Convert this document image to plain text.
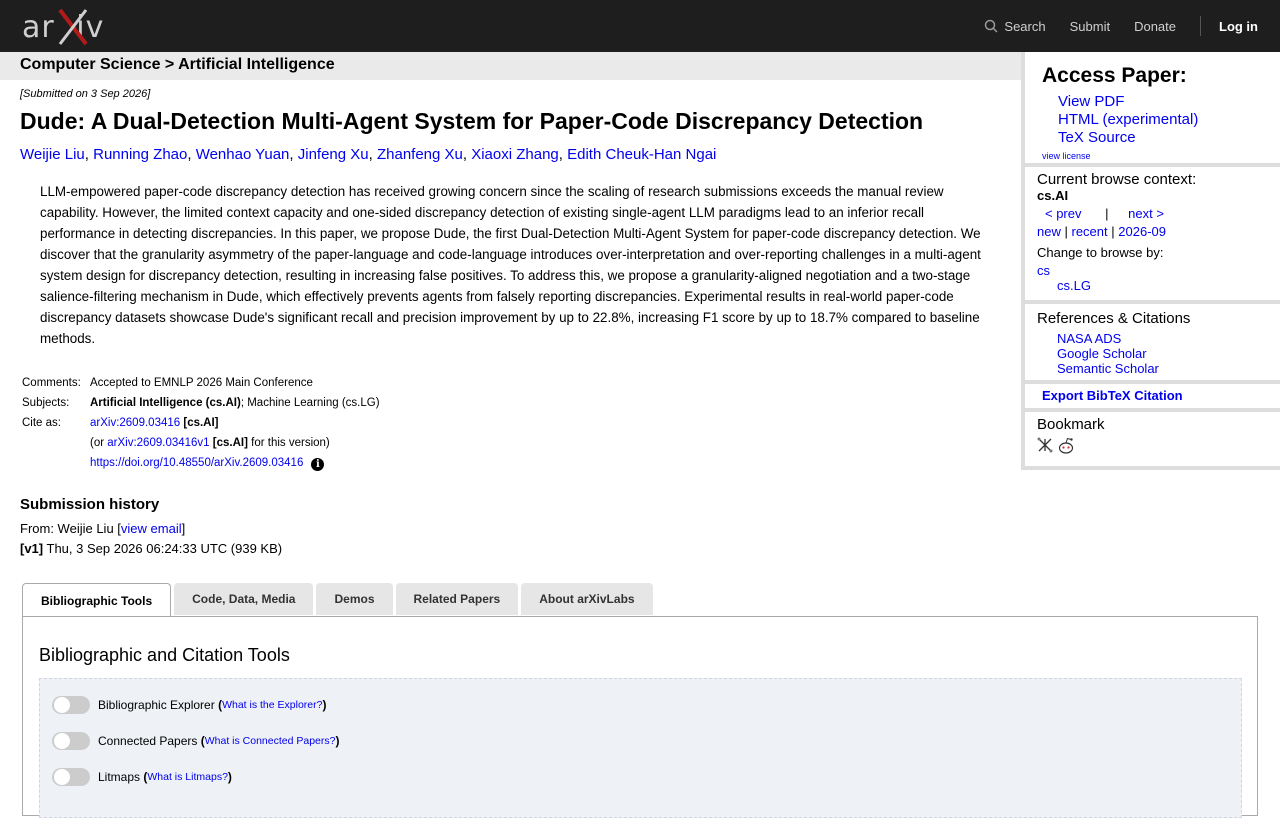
ar iv	Search Submit Donate	Log in
Computer Science > Artificial Intelligence
[Submitted on 3 Sep 2026]
Dude: A Dual-Detection Multi-Agent System for Paper-Code Discrepancy Detection
Weijie Liu, Running Zhao, Wenhao Yuan, Jinfeng Xu, Zhanfeng Xu, Xiaoxi Zhang, Edith Cheuk-Han Ngai
LLM-empowered paper-code discrepancy detection has received growing concern since the scaling of research submissions exceeds the manual review capability. However, the limited context capacity and one-sided discrepancy detection of existing single-agent LLM paradigms lead to an inferior recall performance in detecting discrepancies. In this paper, we propose Dude, the first Dual-Detection Multi-Agent System for paper-code discrepancy detection. We discover that the granularity asymmetry of the paper-language and code-language introduces over-interpretation and over-reporting challenges in a multi-agent system design for discrepancy detection, resulting in increasing false positives. To address this, we propose a granularity-aligned negotiation and a two-stage salience-filtering mechanism in Dude, which effectively prevents agents from falsely reporting discrepancies. Experimental results in real-world paper-code discrepancy datasets showcase Dude's significant recall and precision improvement by up to 22.8%, increasing F1 score by up to 18.7% compared to baseline methods.
Comments:	Accepted to EMNLP 2026 Main Conference
Subjects:	Artificial Intelligence (cs.AI); Machine Learning (cs.LG)
Cite as:	arXiv:2609.03416 [cs.AI]
	(or arXiv:2609.03416v1 [cs.AI] for this version)
	https://doi.org/10.48550/arXiv.2609.03416 i
Submission history
From: Weijie Liu [view email]
[v1] Thu, 3 Sep 2026 06:24:33 UTC (939 KB)
Access Paper:
View PDF
HTML (experimental)
TeX Source
view license
Current browse context:
cs.AI
< prev | next >
new | recent | 2026-09
Change to browse by:
cs
cs.LG
References & Citations
NASA ADS
Google Scholar
Semantic Scholar
Export BibTeX Citation
Bookmark
Bibliographic Tools	Code, Data, Media	Demos	Related Papers	About arXivLabs
Bibliographic and Citation Tools
Bibliographic Explorer
( What is the Explorer? )
Connected Papers
( What is Connected Papers? )
Litmaps
( What is Litmaps? )
